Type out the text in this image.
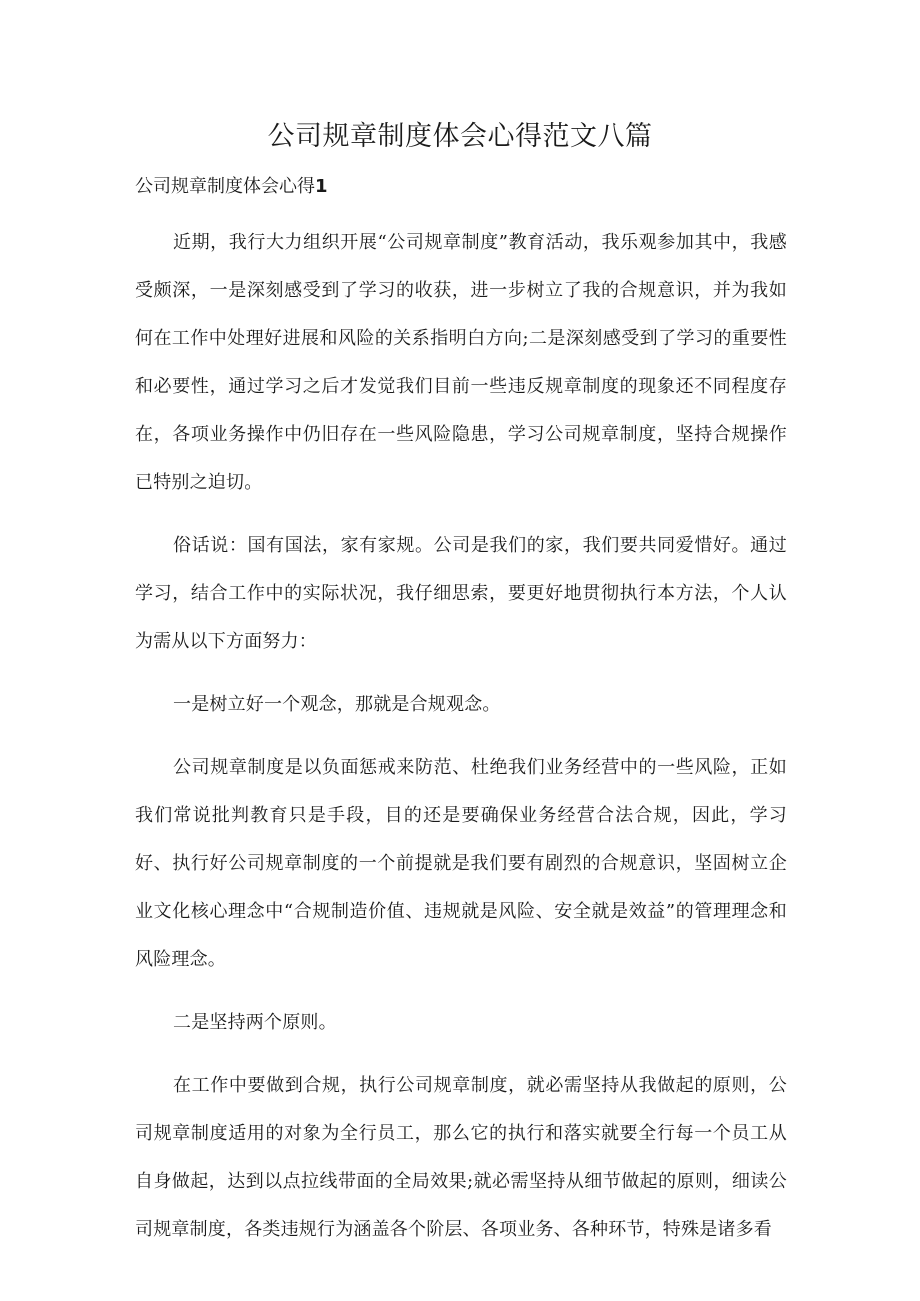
公司规章制度体会心得范文八篇
公司规章制度体会心得1

近期，我行大力组织开展“公司规章制度”教育活动，我乐观参加其中，我感受颇深，一是深刻感受到了学习的收获，进一步树立了我的合规意识，并为我如何在工作中处理好进展和风险的关系指明白方向;二是深刻感受到了学习的重要性和必要性，通过学习之后才发觉我们目前一些违反规章制度的现象还不同程度存在，各项业务操作中仍旧存在一些风险隐患，学习公司规章制度，坚持合规操作已特别之迫切。

俗话说：国有国法，家有家规。公司是我们的家，我们要共同爱惜好。通过学习，结合工作中的实际状况，我仔细思索，要更好地贯彻执行本方法，个人认为需从以下方面努力：

一是树立好一个观念，那就是合规观念。

公司规章制度是以负面惩戒来防范、杜绝我们业务经营中的一些风险，正如我们常说批判教育只是手段，目的还是要确保业务经营合法合规，因此，学习好、执行好公司规章制度的一个前提就是我们要有剧烈的合规意识，坚固树立企业文化核心理念中“合规制造价值、违规就是风险、安全就是效益”的管理理念和风险理念。

二是坚持两个原则。

在工作中要做到合规，执行公司规章制度，就必需坚持从我做起的原则，公司规章制度适用的对象为全行员工，那么它的执行和落实就要全行每一个员工从自身做起，达到以点拉线带面的全局效果;就必需坚持从细节做起的原则，细读公司规章制度，各类违规行为涵盖各个阶层、各项业务、各种环节，特殊是诸多看
